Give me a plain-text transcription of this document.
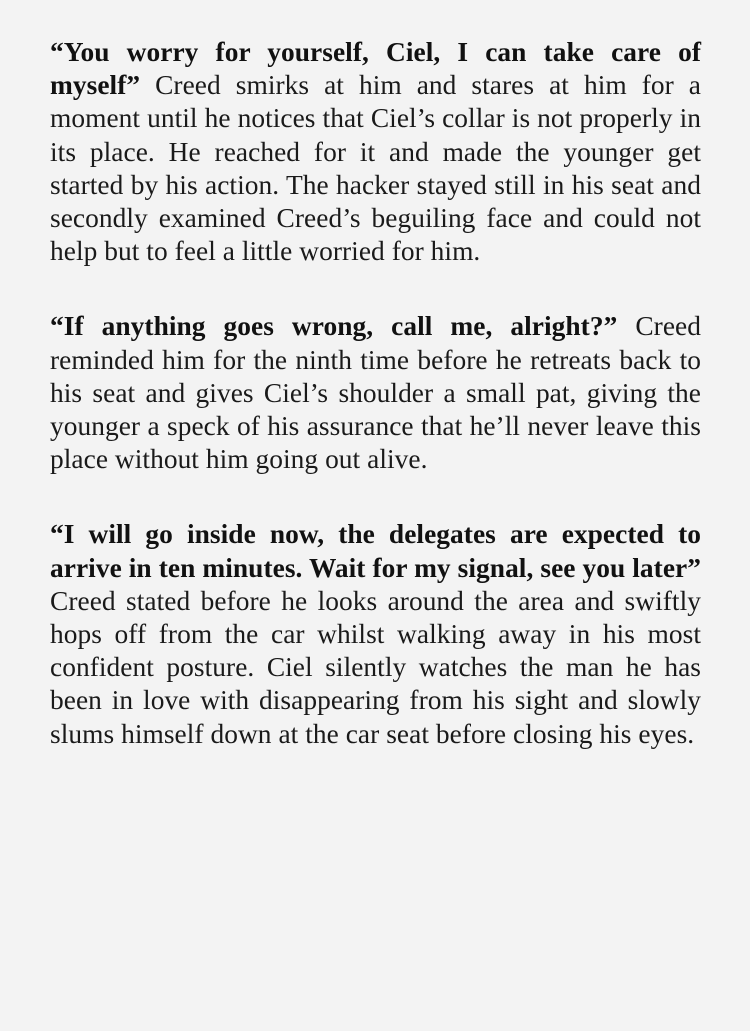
“You worry for yourself, Ciel, I can take care of myself” Creed smirks at him and stares at him for a moment until he notices that Ciel’s collar is not properly in its place. He reached for it and made the younger get started by his action. The hacker stayed still in his seat and secondly examined Creed’s beguiling face and could not help but to feel a little worried for him.

“If anything goes wrong, call me, alright?” Creed reminded him for the ninth time before he retreats back to his seat and gives Ciel’s shoulder a small pat, giving the younger a speck of his assurance that he’ll never leave this place without him going out alive.

“I will go inside now, the delegates are expected to arrive in ten minutes. Wait for my signal, see you later” Creed stated before he looks around the area and swiftly hops off from the car whilst walking away in his most confident posture. Ciel silently watches the man he has been in love with disappearing from his sight and slowly slums himself down at the car seat before closing his eyes.
